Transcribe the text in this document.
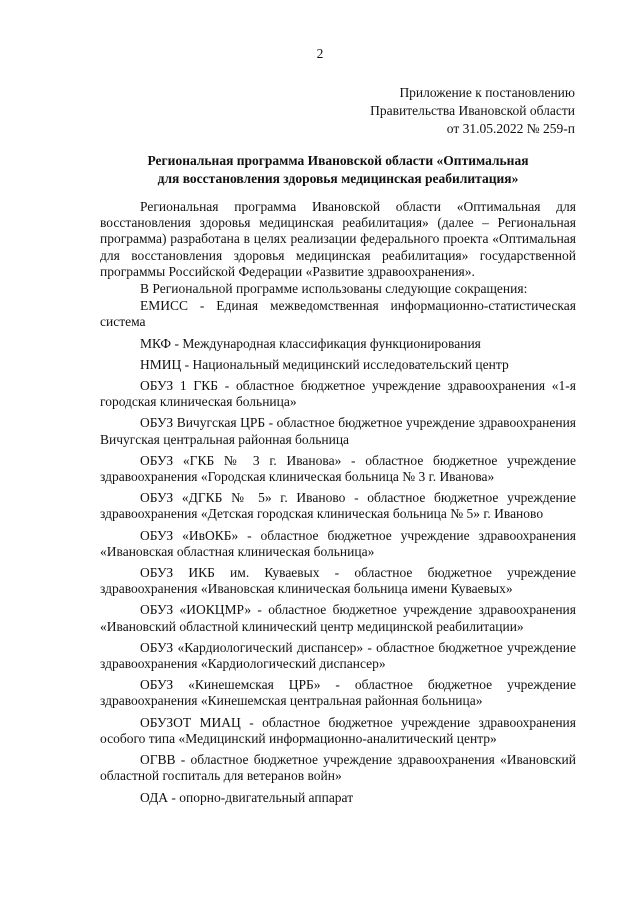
2
Приложение к постановлению
Правительства Ивановской области
от 31.05.2022 № 259-п
Региональная программа Ивановской области «Оптимальная
для восстановления здоровья медицинская реабилитация»

Региональная программа Ивановской области «Оптимальная для восстановления здоровья медицинская реабилитация» (далее – Региональная программа) разработана в целях реализации федерального проекта «Оптимальная для восстановления здоровья медицинская реабилитация» государственной программы Российской Федерации «Развитие здравоохранения».

В Региональной программе использованы следующие сокращения:

ЕМИСС - Единая межведомственная информационно-статистическая система

МКФ - Международная классификация функционирования

НМИЦ - Национальный медицинский исследовательский центр

ОБУЗ 1 ГКБ - областное бюджетное учреждение здравоохранения «1-я городская клиническая больница»

ОБУЗ Вичугская ЦРБ - областное бюджетное учреждение здравоохранения Вичугская центральная районная больница

ОБУЗ «ГКБ № 3 г. Иванова» - областное бюджетное учреждение здравоохранения «Городская клиническая больница № 3 г. Иванова»

ОБУЗ «ДГКБ № 5» г. Иваново - областное бюджетное учреждение здравоохранения «Детская городская клиническая больница № 5» г. Иваново

ОБУЗ «ИвОКБ» - областное бюджетное учреждение здравоохранения «Ивановская областная клиническая больница»

ОБУЗ ИКБ им. Куваевых - областное бюджетное учреждение здравоохранения «Ивановская клиническая больница имени Куваевых»

ОБУЗ «ИОКЦМР» - областное бюджетное учреждение здравоохранения «Ивановский областной клинический центр медицинской реабилитации»

ОБУЗ «Кардиологический диспансер» - областное бюджетное учреждение здравоохранения «Кардиологический диспансер»

ОБУЗ «Кинешемская ЦРБ» - областное бюджетное учреждение здравоохранения «Кинешемская центральная районная больница»

ОБУЗОТ МИАЦ - областное бюджетное учреждение здравоохранения особого типа «Медицинский информационно-аналитический центр»

ОГВВ - областное бюджетное учреждение здравоохранения «Ивановский областной госпиталь для ветеранов войн»

ОДА - опорно-двигательный аппарат
